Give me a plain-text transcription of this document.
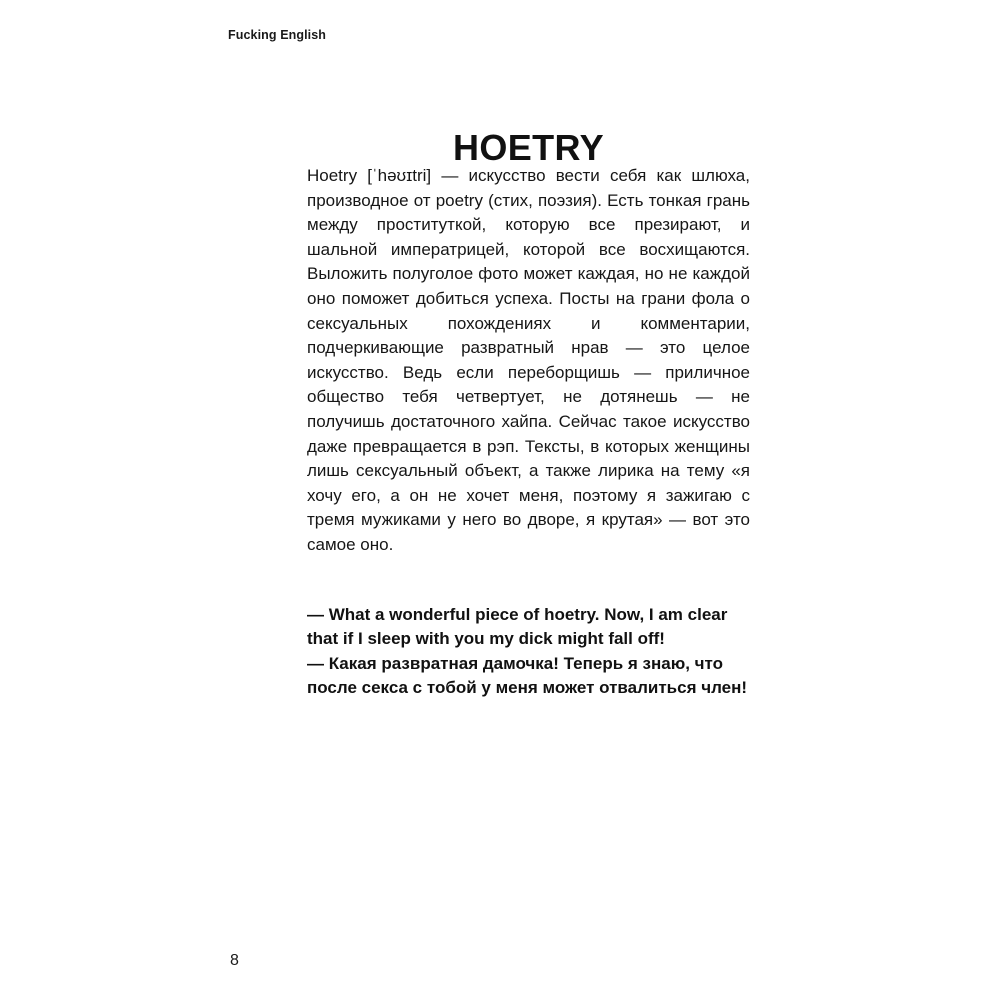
Fucking English
HOETRY

Hoetry [ˈhəʊɪtri] — искусство вести себя как шлюха, производное от poetry (стих, поэзия). Есть тонкая грань между проституткой, которую все презирают, и шальной императрицей, которой все восхищаются. Выложить полуголое фото может каждая, но не каждой оно поможет добиться успеха. Посты на грани фола о сексуальных похождениях и комментарии, подчеркивающие развратный нрав — это целое искусство. Ведь если переборщишь — приличное общество тебя четвертует, не дотянешь — не получишь достаточного хайпа. Сейчас такое искусство даже превращается в рэп. Тексты, в которых женщины лишь сексуальный объект, а также лирика на тему «я хочу его, а он не хочет меня, поэтому я зажигаю с тремя мужиками у него во дворе, я крутая» — вот это самое оно.

— What a wonderful piece of hoetry. Now, I am clear that if I sleep with you my dick might fall off!

— Какая развратная дамочка! Теперь я знаю, что после секса с тобой у меня может отвалиться член!

8
